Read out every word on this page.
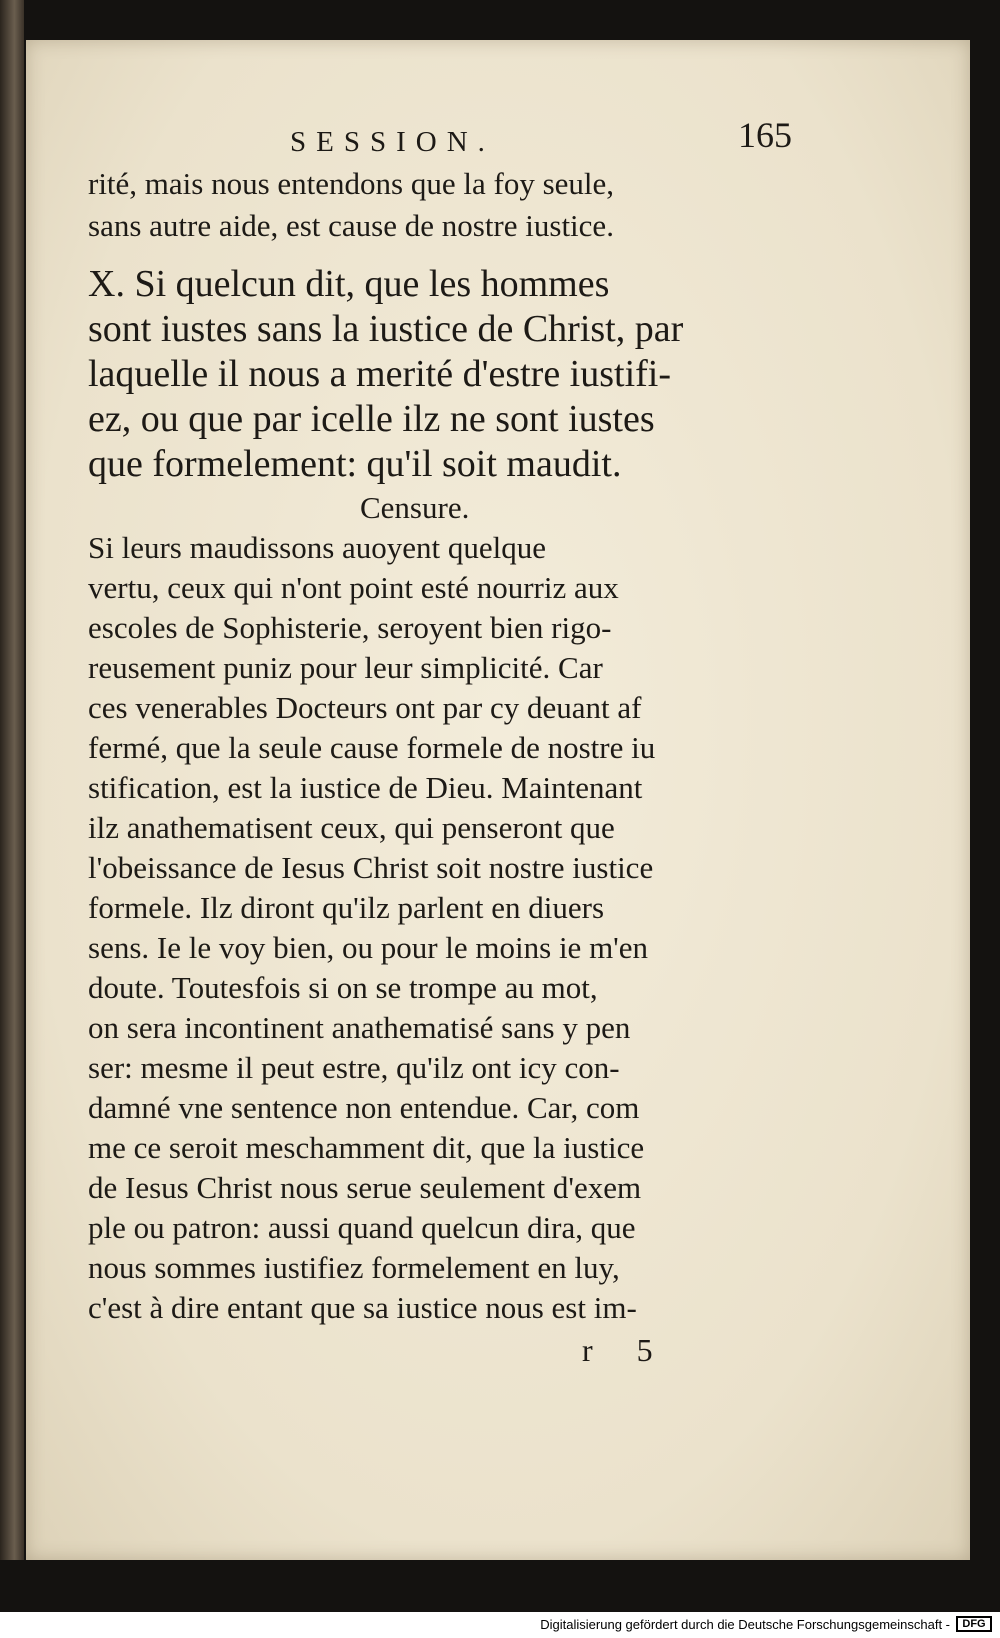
SESSION.	165
rité, mais nous entendons que la foy seule,
sans autre aide, est cause de nostre iustice.
X. Si quelcun dit, que les hommes
sont iustes sans la iustice de Christ, par
laquelle il nous a merité d'estre iustifi-
ez, ou que par icelle ilz ne sont iustes
que formelement: qu'il soit maudit.
Censure.
Si leurs maudissons auoyent quelque
vertu, ceux qui n'ont point esté nourriz aux
escoles de Sophisterie, seroyent bien rigo-
reusement puniz pour leur simplicité. Car
ces venerables Docteurs ont par cy deuant af
fermé, que la seule cause formele de nostre iu
stification, est la iustice de Dieu. Maintenant
ilz anathematisent ceux, qui penseront que
l'obeissance de Iesus Christ soit nostre iustice
formele. Ilz diront qu'ilz parlent en diuers
sens. Ie le voy bien, ou pour le moins ie m'en
doute. Toutesfois si on se trompe au mot,
on sera incontinent anathematisé sans y pen
ser: mesme il peut estre, qu'ilz ont icy con-
damné vne sentence non entendue. Car, com
me ce seroit meschamment dit, que la iustice
de Iesus Christ nous serue seulement d'exem
ple ou patron: aussi quand quelcun dira, que
nous sommes iustifiez formelement en luy,
c'est à dire entant que sa iustice nous est im-
r 5
Digitalisierung gefördert durch die Deutsche Forschungsgemeinschaft -	DFG
